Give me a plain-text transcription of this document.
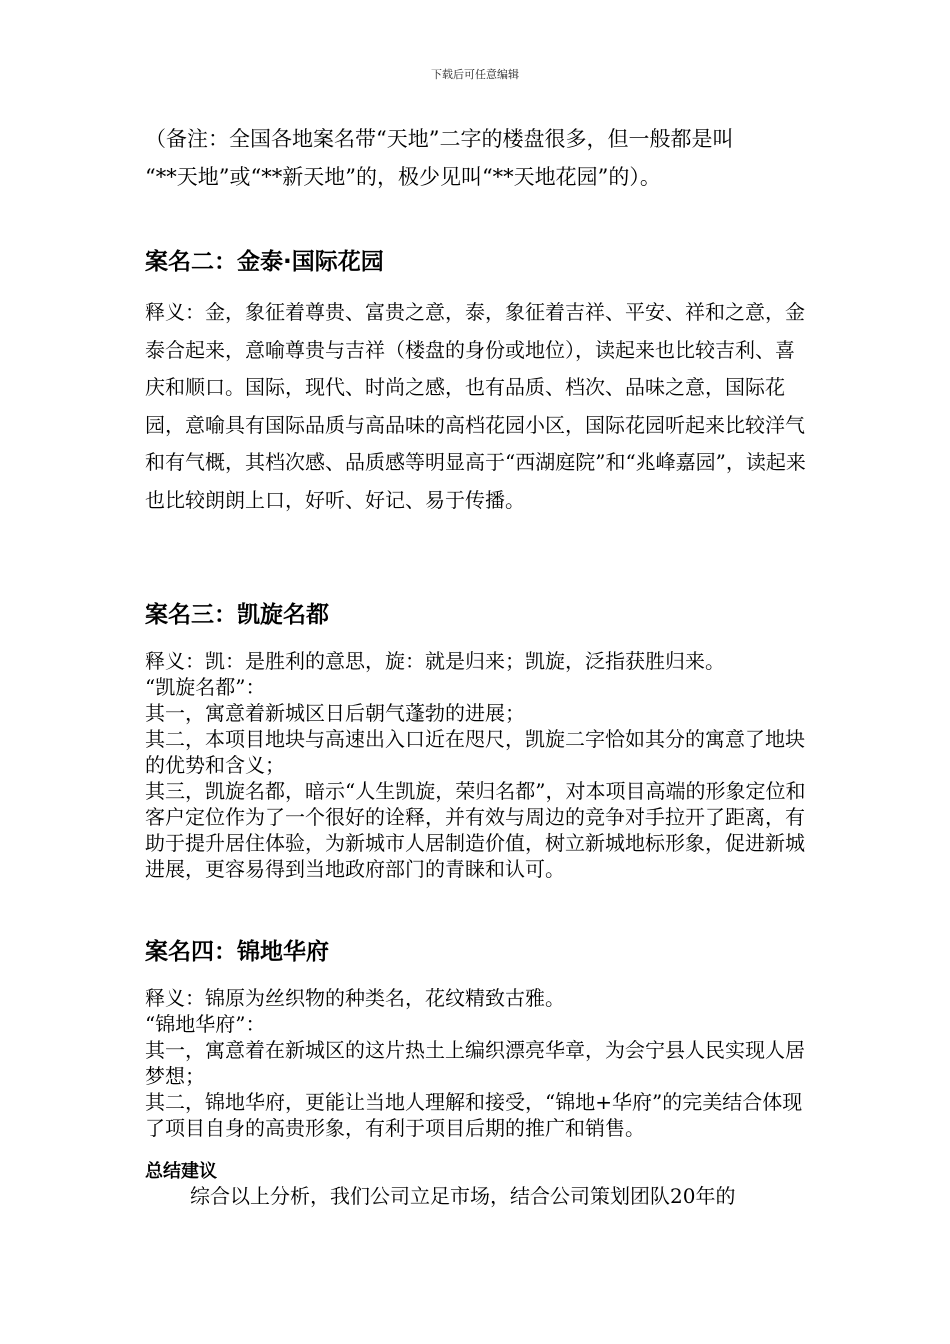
下载后可任意编辑

（备注：全国各地案名带“天地”二字的楼盘很多，但一般都是叫

“**天地”或“**新天地”的，极少见叫“**天地花园”的）。

案名二：金泰·国际花园
释义：金，象征着尊贵、富贵之意，泰，象征着吉祥、平安、祥和之意，金泰合起来，意喻尊贵与吉祥（楼盘的身份或地位），读起来也比较吉利、喜庆和顺口。国际，现代、时尚之感，也有品质、档次、品味之意，国际花园，意喻具有国际品质与高品味的高档花园小区，国际花园听起来比较洋气和有气概，其档次感、品质感等明显高于“西湖庭院”和“兆峰嘉园”，读起来也比较朗朗上口，好听、好记、易于传播。
案名三：凯旋名都

释义：凯：是胜利的意思，旋：就是归来；凯旋，泛指获胜归来。

“凯旋名都”：

其一，寓意着新城区日后朝气蓬勃的进展；

其二，本项目地块与高速出入口近在咫尺，凯旋二字恰如其分的寓意了地块的优势和含义；

其三，凯旋名都，暗示“人生凯旋，荣归名都”，对本项目高端的形象定位和客户定位作为了一个很好的诠释，并有效与周边的竞争对手拉开了距离，有助于提升居住体验，为新城市人居制造价值，树立新城地标形象，促进新城进展，更容易得到当地政府部门的青睐和认可。

案名四：锦地华府

释义：锦原为丝织物的种类名，花纹精致古雅。

“锦地华府”：

其一，寓意着在新城区的这片热土上编织漂亮华章，为会宁县人民实现人居梦想；

其二，锦地华府，更能让当地人理解和接受，“锦地+华府”的完美结合体现了项目自身的高贵形象，有利于项目后期的推广和销售。

总结建议
综合以上分析，我们公司立足市场，结合公司策划团队20年的
